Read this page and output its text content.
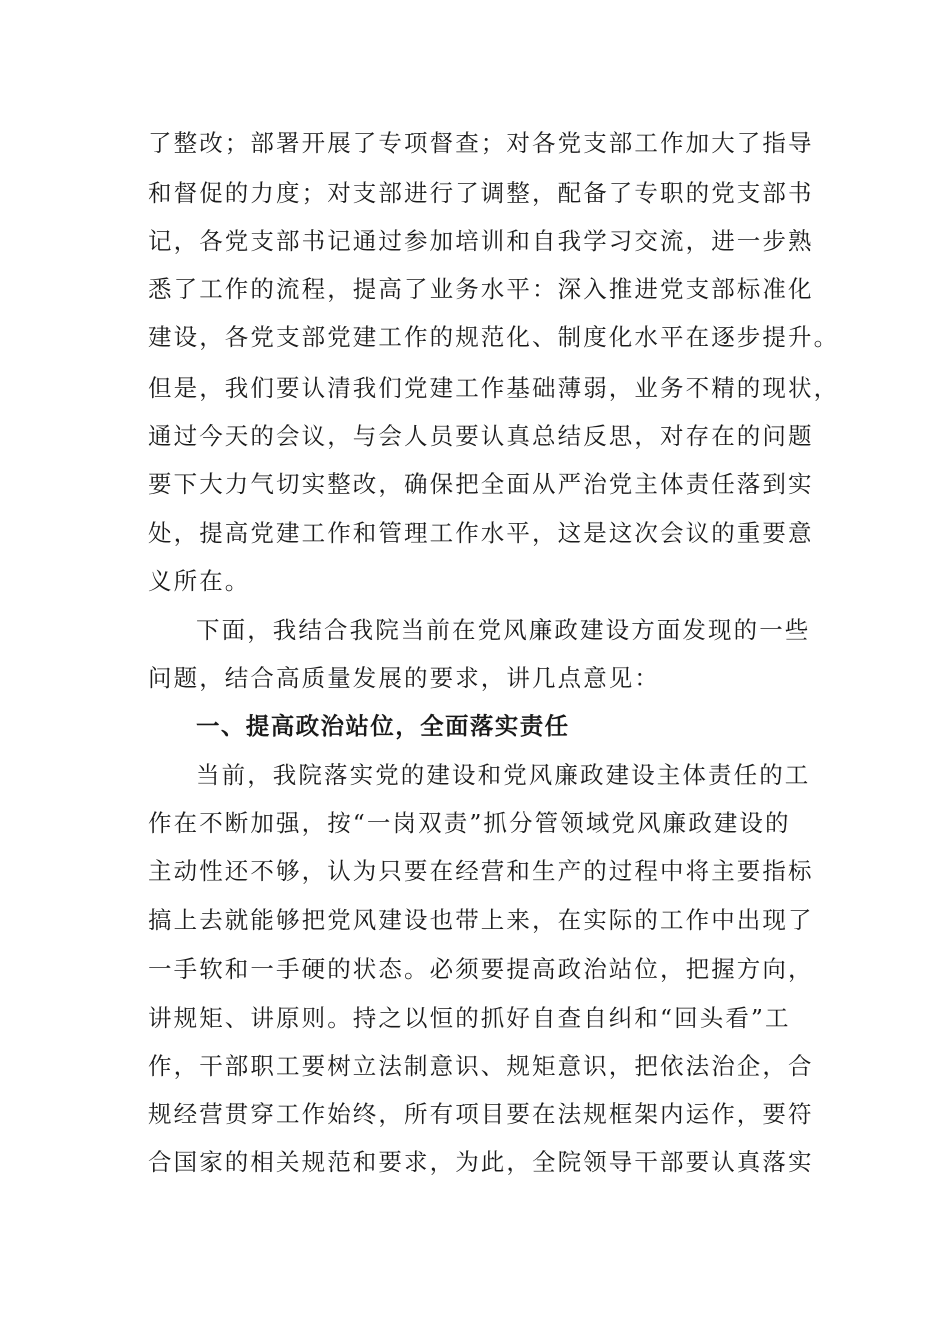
了整改；部署开展了专项督查；对各党支部工作加大了指导
和督促的力度；对支部进行了调整，配备了专职的党支部书
记，各党支部书记通过参加培训和自我学习交流，进一步熟
悉了工作的流程，提高了业务水平：深入推进党支部标准化
建设，各党支部党建工作的规范化、制度化水平在逐步提升。
但是，我们要认清我们党建工作基础薄弱，业务不精的现状，
通过今天的会议，与会人员要认真总结反思，对存在的问题
要下大力气切实整改，确保把全面从严治党主体责任落到实
处，提高党建工作和管理工作水平，这是这次会议的重要意
义所在。
下面，我结合我院当前在党风廉政建设方面发现的一些
问题，结合高质量发展的要求，讲几点意见：
一、提高政治站位，全面落实责任
当前，我院落实党的建设和党风廉政建设主体责任的工
作在不断加强，按“一岗双责”抓分管领域党风廉政建设的
主动性还不够，认为只要在经营和生产的过程中将主要指标
搞上去就能够把党风建设也带上来，在实际的工作中出现了
一手软和一手硬的状态。必须要提高政治站位，把握方向，
讲规矩、讲原则。持之以恒的抓好自查自纠和“回头看”工
作，干部职工要树立法制意识、规矩意识，把依法治企，合
规经营贯穿工作始终，所有项目要在法规框架内运作，要符
合国家的相关规范和要求，为此，全院领导干部要认真落实
